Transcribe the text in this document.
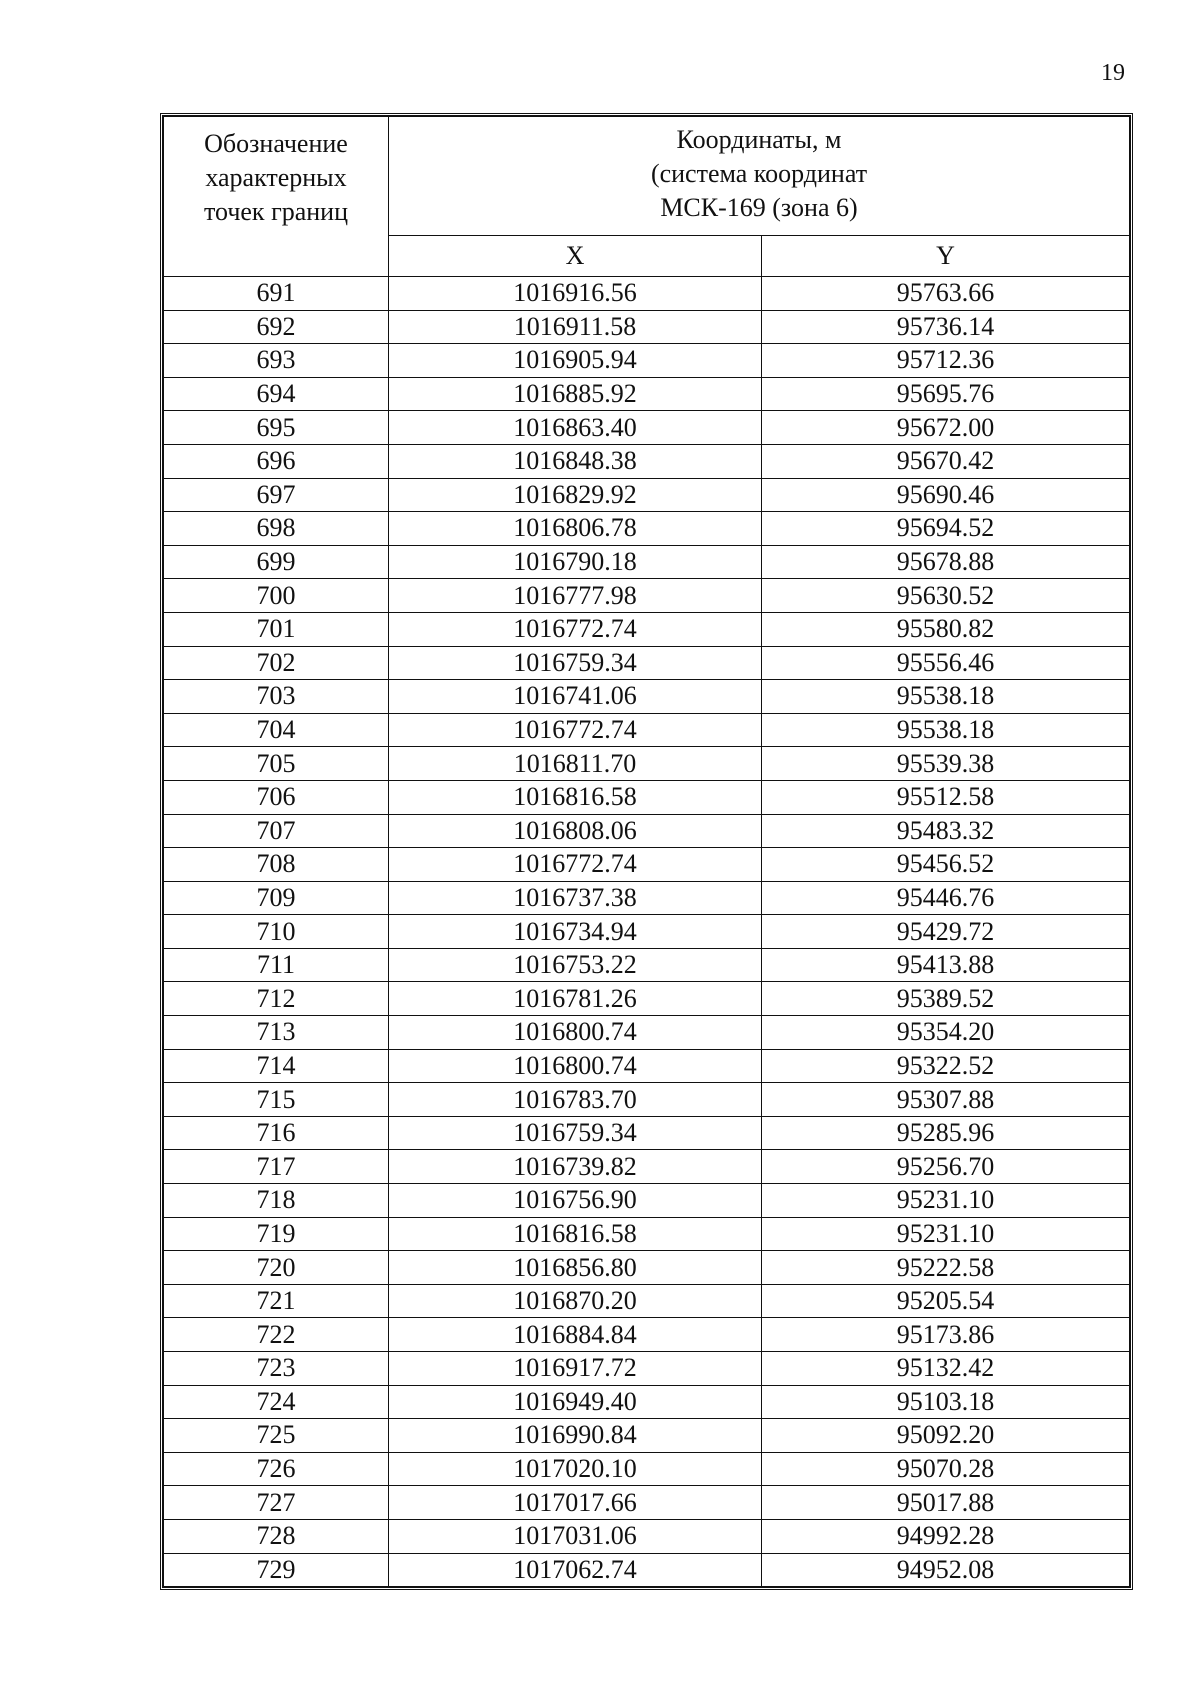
19
Обозначение
характерных
точек границ	Координаты, м
(система координат
МСК-169 (зона 6)	

	X	Y
691	1016916.56	95763.66
692	1016911.58	95736.14
693	1016905.94	95712.36
694	1016885.92	95695.76
695	1016863.40	95672.00
696	1016848.38	95670.42
697	1016829.92	95690.46
698	1016806.78	95694.52
699	1016790.18	95678.88
700	1016777.98	95630.52
701	1016772.74	95580.82
702	1016759.34	95556.46
703	1016741.06	95538.18
704	1016772.74	95538.18
705	1016811.70	95539.38
706	1016816.58	95512.58
707	1016808.06	95483.32
708	1016772.74	95456.52
709	1016737.38	95446.76
710	1016734.94	95429.72
711	1016753.22	95413.88
712	1016781.26	95389.52
713	1016800.74	95354.20
714	1016800.74	95322.52
715	1016783.70	95307.88
716	1016759.34	95285.96
717	1016739.82	95256.70
718	1016756.90	95231.10
719	1016816.58	95231.10
720	1016856.80	95222.58
721	1016870.20	95205.54
722	1016884.84	95173.86
723	1016917.72	95132.42
724	1016949.40	95103.18
725	1016990.84	95092.20
726	1017020.10	95070.28
727	1017017.66	95017.88
728	1017031.06	94992.28
729	1017062.74	94952.08
